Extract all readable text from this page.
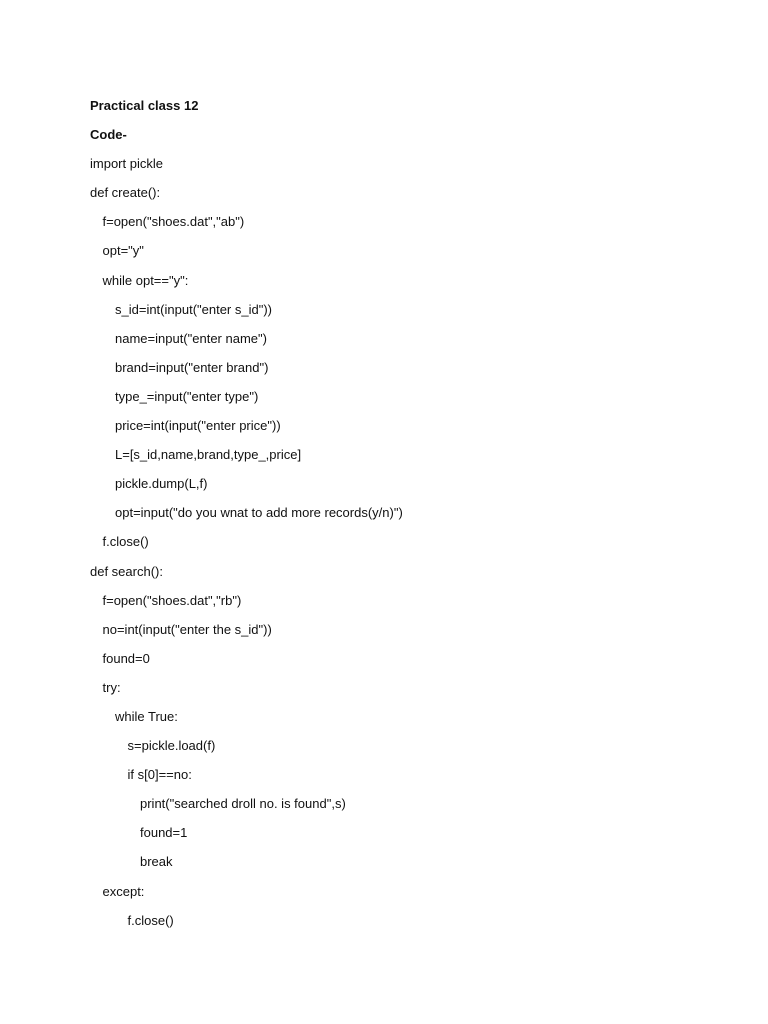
Practical class 12
Code-
import pickle
def create():
f=open("shoes.dat","ab")
opt="y"
while opt=="y":
s_id=int(input("enter s_id"))
name=input("enter name")
brand=input("enter brand")
type_=input("enter type")
price=int(input("enter price"))
L=[s_id,name,brand,type_,price]
pickle.dump(L,f)
opt=input("do you wnat to add more records(y/n)")
f.close()
def search():
f=open("shoes.dat","rb")
no=int(input("enter the s_id"))
found=0
try:
while True:
s=pickle.load(f)
if s[0]==no:
print("searched droll no. is found",s)
found=1
break
except:
f.close()
